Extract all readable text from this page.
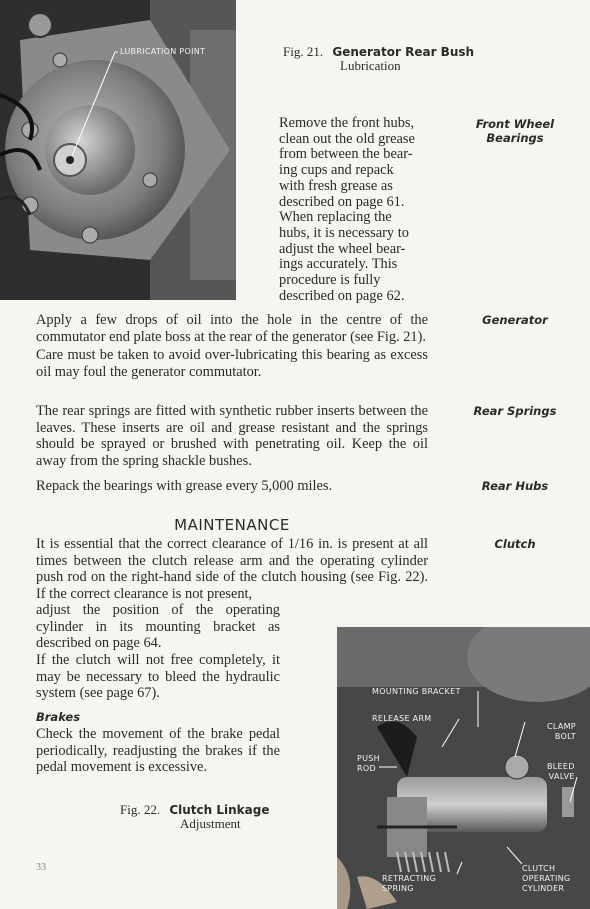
LUBRICATION POINT	Fig. 21. Generator Rear Bush
Lubrication
Front Wheel
Bearings
Remove the front hubs,
clean out the old grease
from between the bear-
ing cups and repack
with fresh grease as
described on page 61.
When replacing the
hubs, it is necessary to
adjust the wheel bear-
ings accurately. This
procedure is fully
described on page 62.
Generator

Apply a few drops of oil into the hole in the centre of the commutator end plate boss at the rear of the generator (see Fig. 21).

Care must be taken to avoid over-lubricating this bearing as excess oil may foul the generator commutator.

Rear Springs

The rear springs are fitted with synthetic rubber inserts between the leaves. These inserts are oil and grease resistant and the springs should be sprayed or brushed with penetrating oil. Keep the oil away from the spring shackle bushes.

Rear Hubs

Repack the bearings with grease every 5,000 miles.

MAINTENANCE
Clutch

It is essential that the correct clearance of 1/16 in. is present at all times between the clutch release arm and the operating cylinder push rod on the right-hand side of the clutch housing (see Fig. 22). If the correct clearance is not present,

adjust the position of the operating cylinder in its mounting bracket as described on page 64.

If the clutch will not free completely, it may be necessary to bleed the hydraulic system (see page 67).

Brakes

Check the movement of the brake pedal periodically, readjusting the brakes if the pedal movement is excessive.

Fig. 22. Clutch Linkage
Adjustment
MOUNTING BRACKET
RELEASE ARM
PUSH
ROD
CLAMP
BOLT
BLEED
VALVE
RETRACTING
SPRING
CLUTCH
OPERATING
CYLINDER
33
